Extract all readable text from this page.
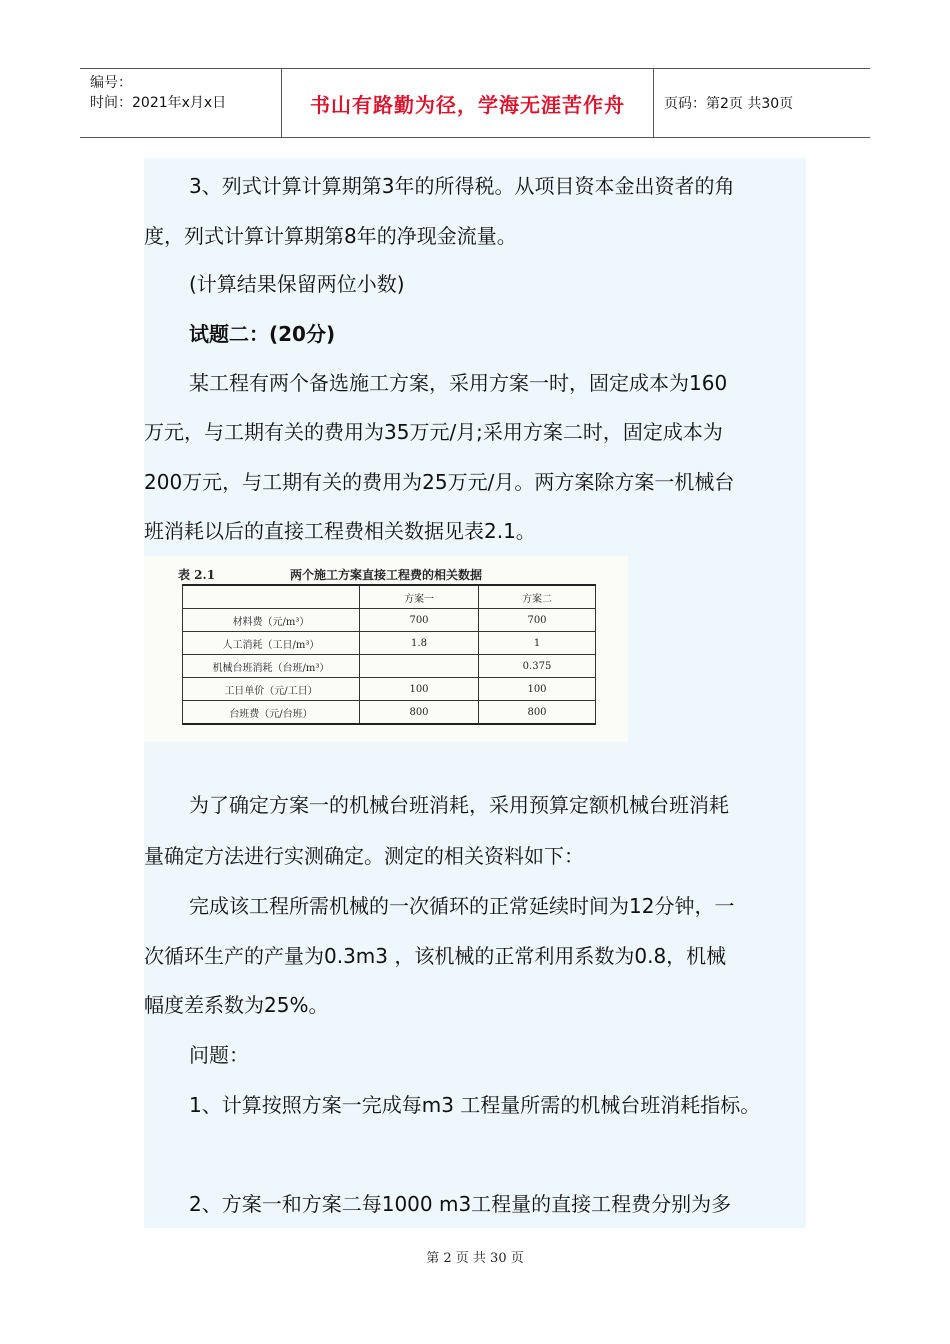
编号：
时间：2021年x月x日	书山有路勤为径，学海无涯苦作舟	页码：第2页 共30页
3、列式计算计算期第3年的所得税。从项目资本金出资者的角
度，列式计算计算期第8年的净现金流量。
(计算结果保留两位小数)
试题二：(20分)
某工程有两个备选施工方案，采用方案一时，固定成本为160
万元，与工期有关的费用为35万元/月;采用方案二时，固定成本为
200万元，与工期有关的费用为25万元/月。两方案除方案一机械台
班消耗以后的直接工程费相关数据见表2.1。
为了确定方案一的机械台班消耗，采用预算定额机械台班消耗
量确定方法进行实测确定。测定的相关资料如下：
完成该工程所需机械的一次循环的正常延续时间为12分钟，一
次循环生产的产量为0.3m3 ，该机械的正常利用系数为0.8，机械
幅度差系数为25%。
问题：
1、计算按照方案一完成每m3 工程量所需的机械台班消耗指标。
2、方案一和方案二每1000 m3工程量的直接工程费分别为多
表 2.1	两个施工方案直接工程费的相关数据
	方案一	方案二
材料费（元/m³）	700	700
人工消耗（工日/m³）	1.8	1
机械台班消耗（台班/m³）		0.375
工日单价（元/工日）	100	100
台班费（元/台班）	800	800
第 2 页 共 30 页
